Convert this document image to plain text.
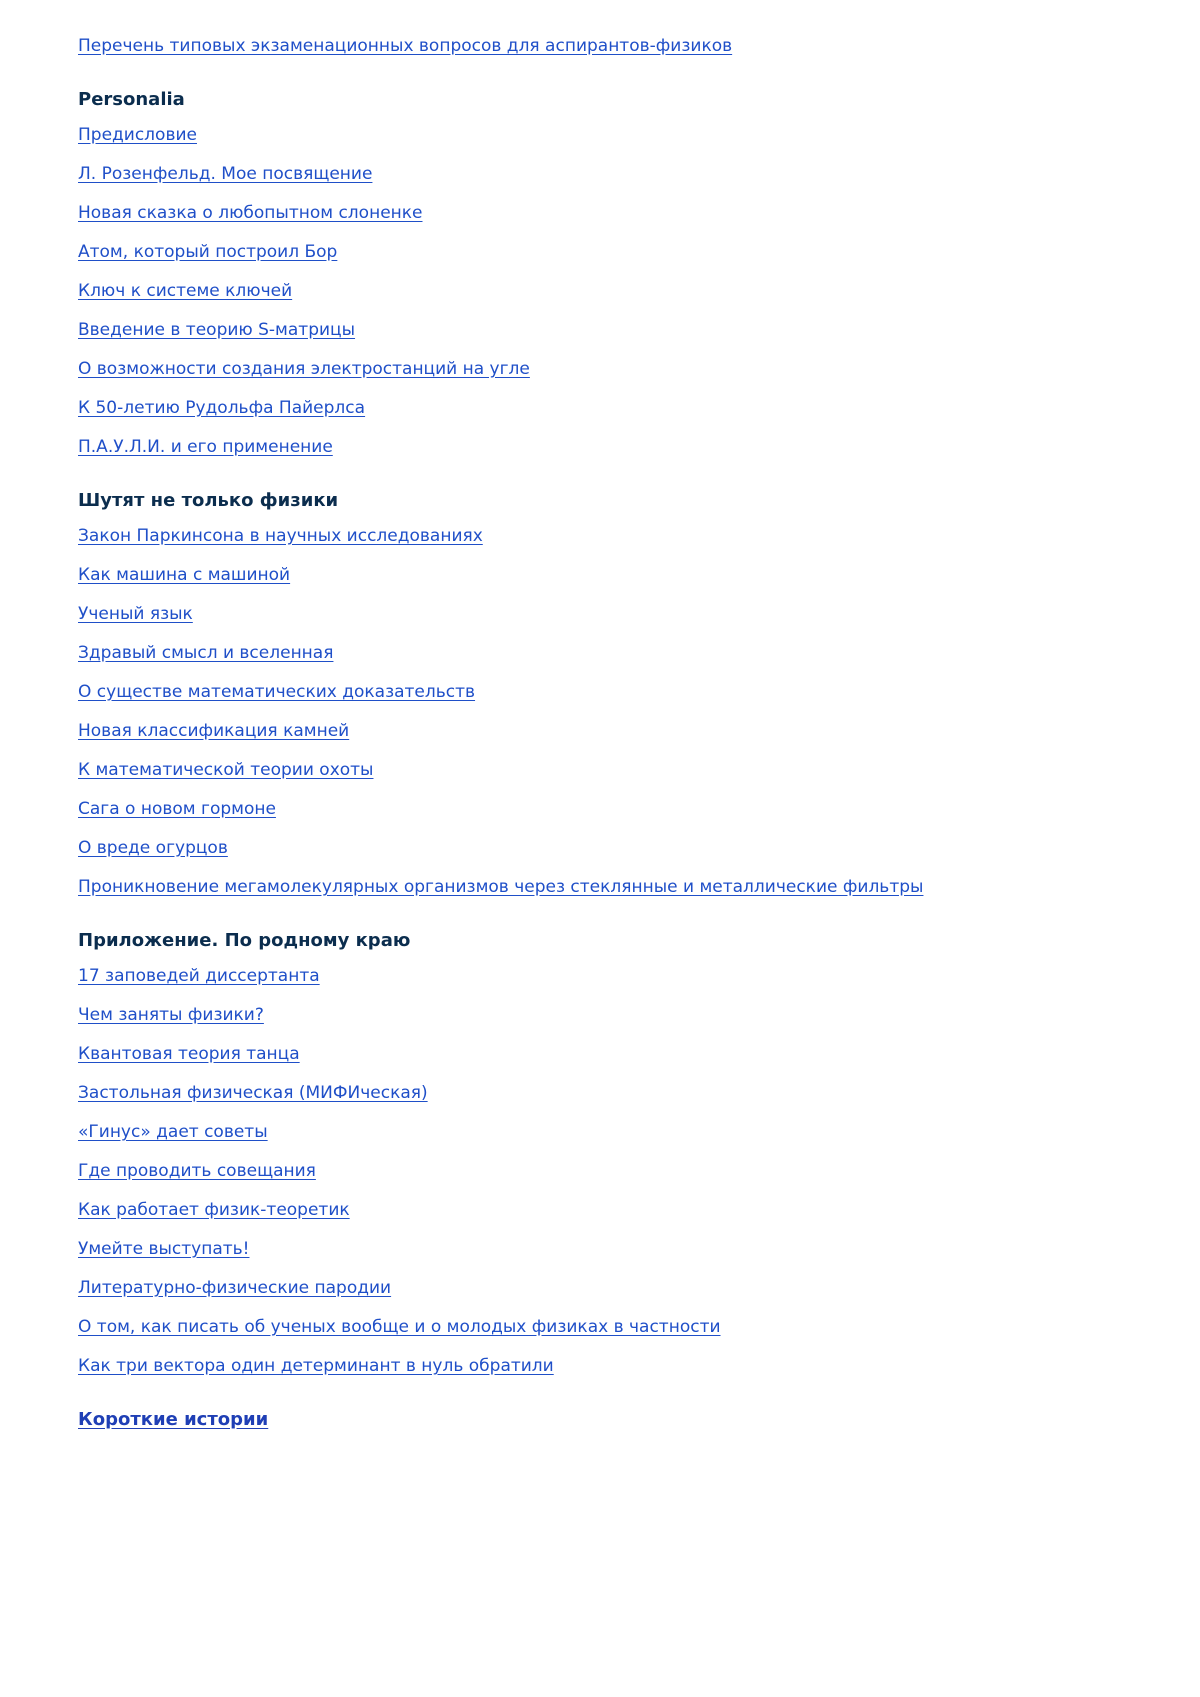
Перечень типовых экзаменационных вопросов для аспирантов-физиков
Personalia
Предисловие
Л. Розенфельд. Мое посвящение
Новая сказка о любопытном слоненке
Атом, который построил Бор
Ключ к системе ключей
Введение в теорию S-матрицы
О возможности создания электростанций на угле
К 50-летию Рудольфа Пайерлса
П.А.У.Л.И. и его применение
Шутят не только физики
Закон Паркинсона в научных исследованиях
Как машина с машиной
Ученый язык
Здравый смысл и вселенная
О существе математических доказательств
Новая классификация камней
К математической теории охоты
Сага о новом гормоне
О вреде огурцов
Проникновение мегамолекулярных организмов через стеклянные и металлические фильтры
Приложение. По родному краю
17 заповедей диссертанта
Чем заняты физики?
Квантовая теория танца
Застольная физическая (МИФИческая)
«Гинус» дает советы
Где проводить совещания
Как работает физик-теоретик
Умейте выступать!
Литературно-физические пародии
О том, как писать об ученых вообще и о молодых физиках в частности
Как три вектора один детерминант в нуль обратили
Короткие истории
